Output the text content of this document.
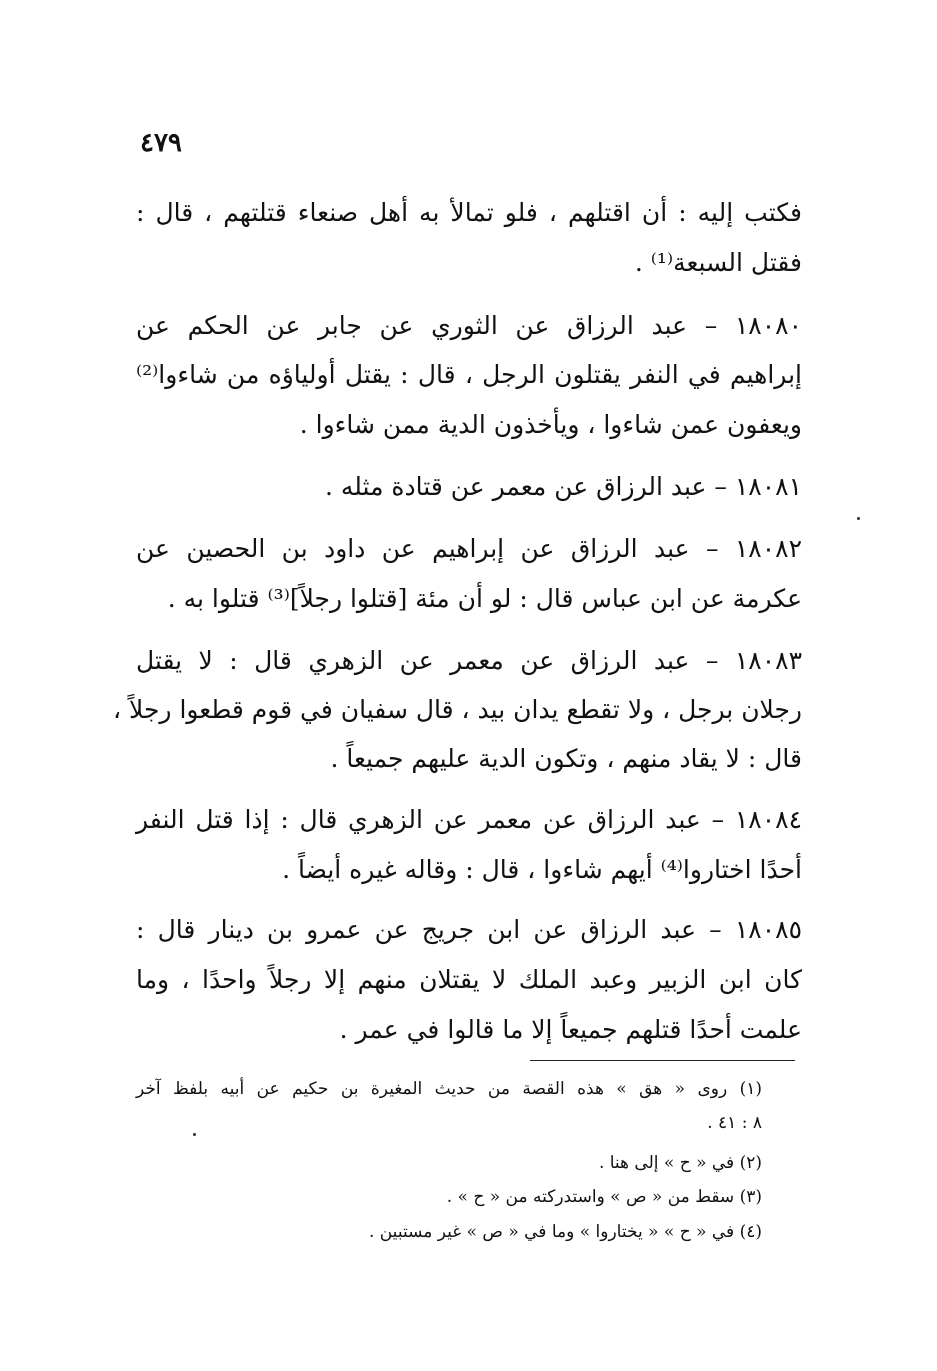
٤٧٩
فكتب إليه : أن اقتلهم ، فلو تمالأ به أهل صنعاء قتلتهم ، قال :
فقتل السبعة⁽¹⁾ .
١٨٠٨٠ – عبد الرزاق عن الثوري عن جابر عن الحكم عن
إبراهيم في النفر يقتلون الرجل ، قال : يقتل أولياؤه من شاءوا⁽²⁾
ويعفون عمن شاءوا ، ويأخذون الدية ممن شاءوا .
١٨٠٨١ – عبد الرزاق عن معمر عن قتادة مثله .
١٨٠٨٢ – عبد الرزاق عن إبراهيم عن داود بن الحصين عن
عكرمة عن ابن عباس قال : لو أن مئة [قتلوا رجلاً]⁽³⁾ قتلوا به .
١٨٠٨٣ – عبد الرزاق عن معمر عن الزهري قال : لا يقتل
رجلان برجل ، ولا تقطع يدان بيد ، قال سفيان في قوم قطعوا رجلاً ،
قال : لا يقاد منهم ، وتكون الدية عليهم جميعاً .
١٨٠٨٤ – عبد الرزاق عن معمر عن الزهري قال : إذا قتل النفر
أحدًا اختاروا⁽⁴⁾ أيهم شاءوا ، قال : وقاله غيره أيضاً .
١٨٠٨٥ – عبد الرزاق عن ابن جريج عن عمرو بن دينار قال :
كان ابن الزبير وعبد الملك لا يقتلان منهم إلا رجلاً واحدًا ، وما
علمت أحدًا قتلهم جميعاً إلا ما قالوا في عمر .
(١) روى « هق » هذه القصة من حديث المغيرة بن حكيم عن أبيه بلفظ آخر
٨ : ٤١ .
(٢) في « ح » إلى هنا .
(٣) سقط من « ص » واستدركته من « ح » .
(٤) في « ح » « يختاروا » وما في « ص » غير مستبين .
